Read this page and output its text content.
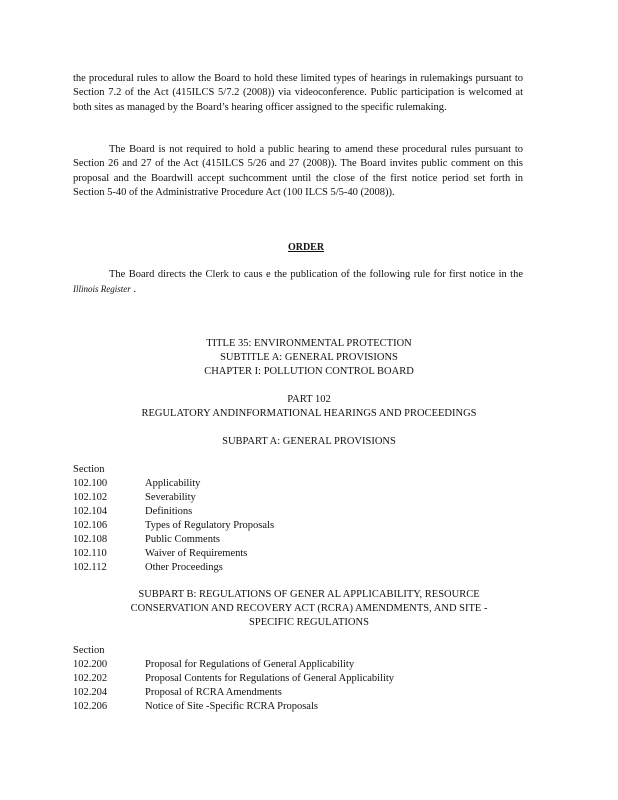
the procedural rules to allow the Board to hold these limited types of hearings in rulemakings pursuant to Section 7.2 of the Act (415ILCS 5/7.2 (2008)) via videoconference. Public participation is welcomed at both sites as managed by the Board’s hearing officer assigned to the specific rulemaking.

The Board is not required to hold a public hearing to amend these procedural rules pursuant to Section 26 and 27 of the Act (415ILCS 5/26 and 27 (2008)). The Board invites public comment on this proposal and the Boardwill accept suchcomment until the close of the first notice period set forth in Section 5-40 of the Administrative Procedure Act (100 ILCS 5/5-40 (2008)).

ORDER

The Board directs the Clerk to caus e the publication of the following rule for first notice in the Illinois Register .

TITLE 35: ENVIRONMENTAL PROTECTION
SUBTITLE A: GENERAL PROVISIONS
CHAPTER I: POLLUTION CONTROL BOARD
PART 102
REGULATORY ANDINFORMATIONAL HEARINGS AND PROCEEDINGS
SUBPART A: GENERAL PROVISIONS
Section
102.100	Applicability
102.102	Severability
102.104	Definitions
102.106	Types of Regulatory Proposals
102.108	Public Comments
102.110	Waiver of Requirements
102.112	Other Proceedings
SUBPART B: REGULATIONS OF GENER AL APPLICABILITY, RESOURCE
CONSERVATION AND RECOVERY ACT (RCRA) AMENDMENTS, AND SITE -
SPECIFIC REGULATIONS
Section
102.200	Proposal for Regulations of General Applicability
102.202	Proposal Contents for Regulations of General Applicability
102.204	Proposal of RCRA Amendments
102.206	Notice of Site -Specific RCRA Proposals
